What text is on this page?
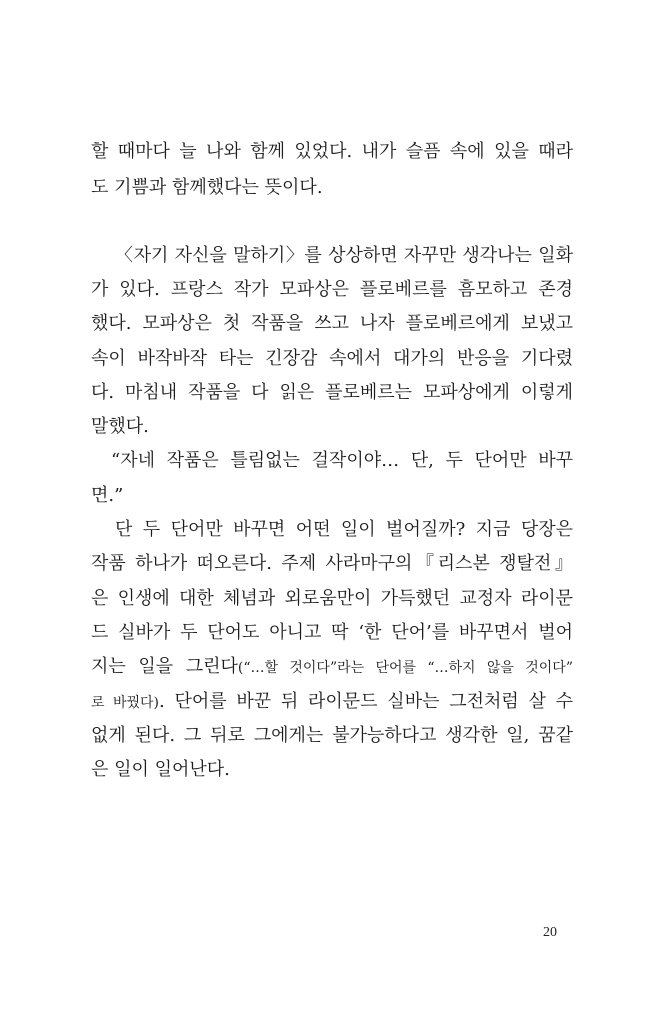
할 때마다 늘 나와 함께 있었다. 내가 슬픔 속에 있을 때라
도 기쁨과 함께했다는 뜻이다.
〈자기 자신을 말하기〉를 상상하면 자꾸만 생각나는 일화
가 있다. 프랑스 작가 모파상은 플로베르를 흠모하고 존경
했다. 모파상은 첫 작품을 쓰고 나자 플로베르에게 보냈고
속이 바작바작 타는 긴장감 속에서 대가의 반응을 기다렸
다. 마침내 작품을 다 읽은 플로베르는 모파상에게 이렇게
말했다.
“자네 작품은 틀림없는 걸작이야… 단, 두 단어만 바꾸
면.”
단 두 단어만 바꾸면 어떤 일이 벌어질까? 지금 당장은
작품 하나가 떠오른다. 주제 사라마구의『리스본 쟁탈전』
은 인생에 대한 체념과 외로움만이 가득했던 교정자 라이문
드 실바가 두 단어도 아니고 딱 ‘한 단어’를 바꾸면서 벌어
지는 일을 그린다(“…할 것이다”라는 단어를 “…하지 않을 것이다”
로 바꿨다). 단어를 바꾼 뒤 라이문드 실바는 그전처럼 살 수
없게 된다. 그 뒤로 그에게는 불가능하다고 생각한 일, 꿈같
은 일이 일어난다.
20
